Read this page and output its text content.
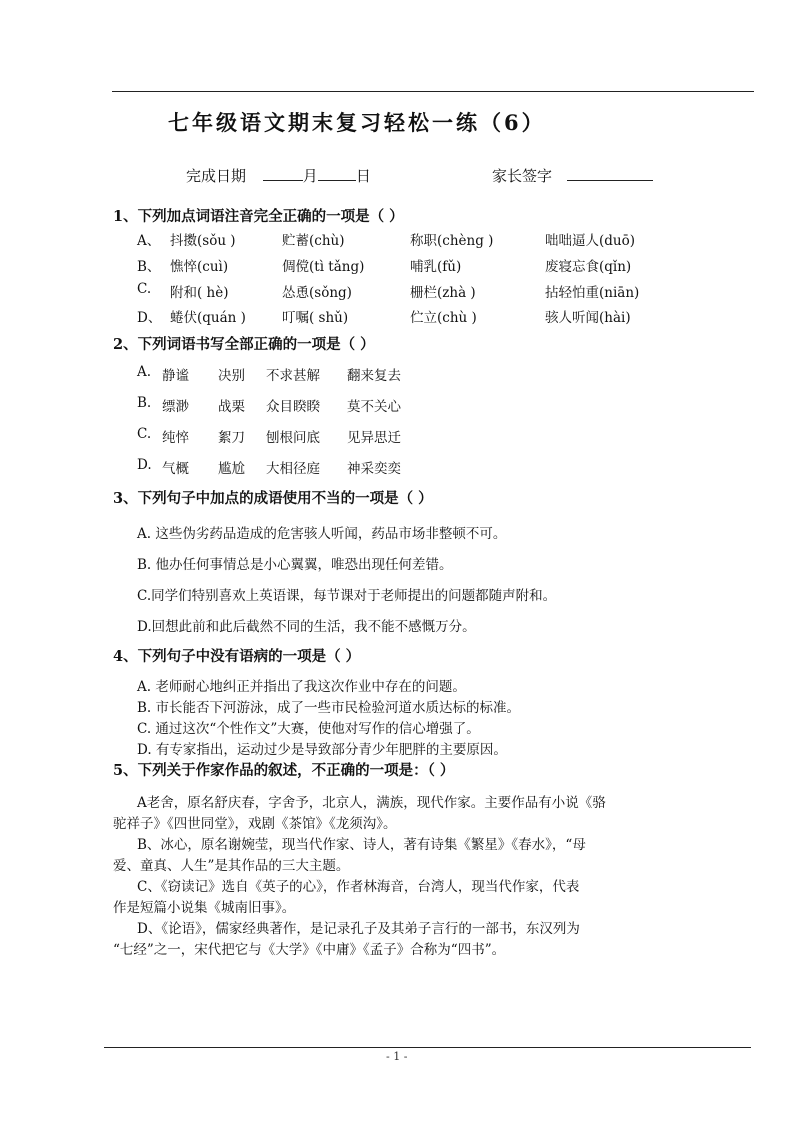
七年级语文期末复习轻松一练（6）
完成日期	月	日	家长签字
1、下列加点词语注音完全正确的一项是（ ）
A、 抖擞(sǒu )	贮蓄(chù)	称职(chèng )	咄咄逼人(duō)
B、 憔悴(cuì)	倜傥(tì tǎng)	哺乳(fǔ)	废寝忘食(qǐn)
C. 附和( hè)	怂恿(sǒng)	栅栏(zhà )	拈轻怕重(niān)
D、 蜷伏(quán )	叮嘱( shǔ)	伫立(chù )	骇人听闻(hài)
2、下列词语书写全部正确的一项是（ ）
A. 静谧 决别 不求甚解 翻来复去
B. 缥渺 战栗 众目睽睽 莫不关心
C. 纯悴 絮刀 刨根问底 见异思迁
D. 气概 尴尬 大相径庭 神采奕奕
3、下列句子中加点的成语使用不当的一项是（ ）
A. 这些伪劣药品造成的危害骇人听闻，药品市场非整顿不可。
B. 他办任何事情总是小心翼翼，唯恐出现任何差错。
C.同学们特别喜欢上英语课，每节课对于老师提出的问题都随声附和。
D.回想此前和此后截然不同的生活，我不能不感慨万分。
4、下列句子中没有语病的一项是（ ）
A. 老师耐心地纠正并指出了我这次作业中存在的问题。
B. 市长能否下河游泳，成了一些市民检验河道水质达标的标准。
C. 通过这次“个性作文”大赛，使他对写作的信心增强了。
D. 有专家指出，运动过少是导致部分青少年肥胖的主要原因。
5、下列关于作家作品的叙述，不正确的一项是：（ ）
A老舍，原名舒庆春，字舍予，北京人，满族，现代作家。主要作品有小说《骆
驼祥子》《四世同堂》，戏剧《茶馆》《龙须沟》。
B、冰心，原名谢婉莹，现当代作家、诗人，著有诗集《繁星》《春水》，“母
爱、童真、人生”是其作品的三大主题。
C、《窃读记》选自《英子的心》，作者林海音，台湾人，现当代作家，代表
作是短篇小说集《城南旧事》。
D、《论语》，儒家经典著作，是记录孔子及其弟子言行的一部书，东汉列为
“七经”之一，宋代把它与《大学》《中庸》《孟子》合称为“四书”。
- 1 -
